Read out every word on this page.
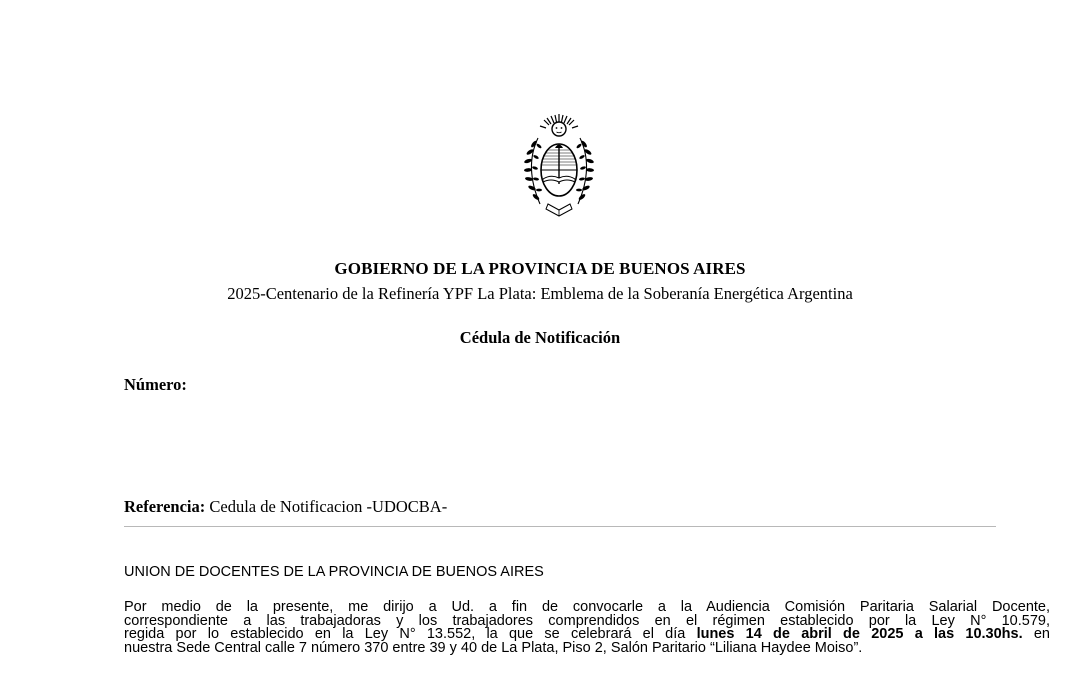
GOBIERNO DE LA PROVINCIA DE BUENOS AIRES
2025-Centenario de la Refinería YPF La Plata: Emblema de la Soberanía Energética Argentina
Cédula de Notificación
Número:
Referencia: Cedula de Notificacion -UDOCBA-
UNION DE DOCENTES DE LA PROVINCIA DE BUENOS AIRES
Por medio de la presente, me dirijo a Ud. a fin de convocarle a la Audiencia Comisión Paritaria Salarial Docente,
correspondiente a las trabajadoras y los trabajadores comprendidos en el régimen establecido por la Ley N° 10.579,
regida por lo establecido en la Ley N° 13.552, la que se celebrará el día lunes 14 de abril de 2025 a las 10.30hs. en
nuestra Sede Central calle 7 número 370 entre 39 y 40 de La Plata, Piso 2, Salón Paritario “Liliana Haydee Moiso”.
